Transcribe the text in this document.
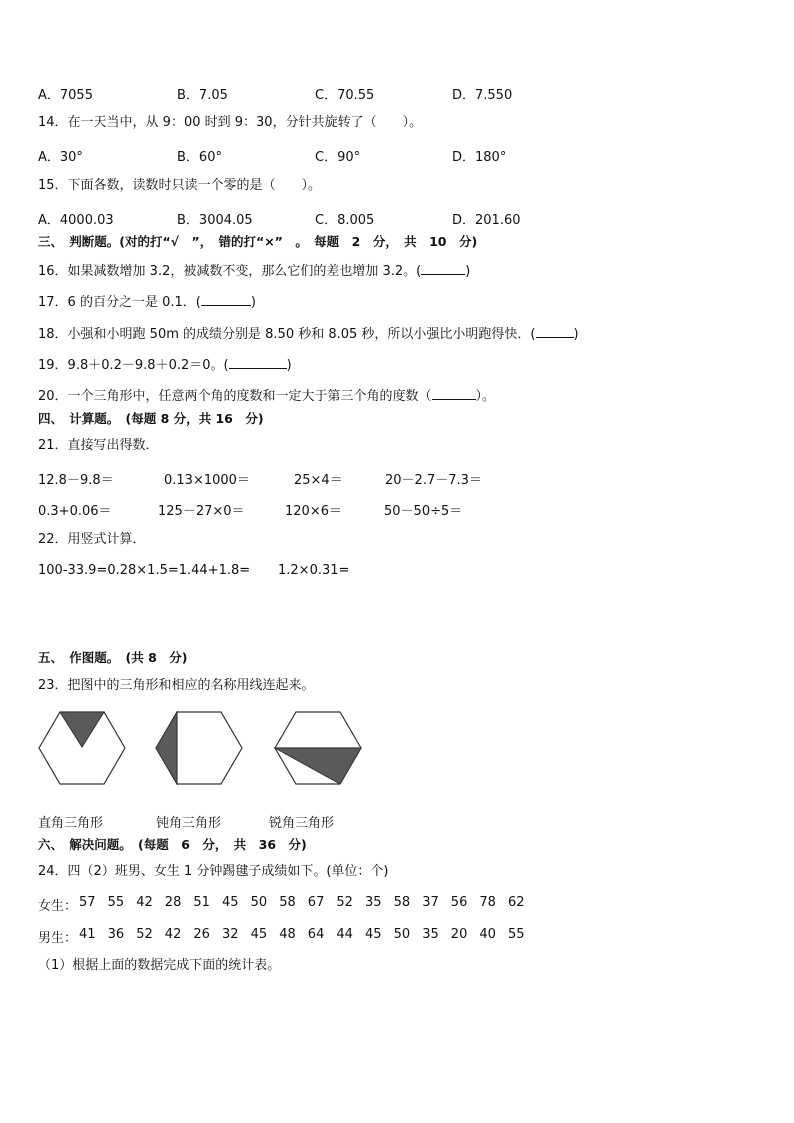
A．7055	B．7.05	C．70.55	D．7.550
14．在一天当中，从 9：00 时到 9：30，分针共旋转了（　　）。
A．30°	B．60°	C．90°	D．180°
15．下面各数，读数时只读一个零的是（　　）。
A．4000.03	B．3004.05	C．8.005	D．201.60
三、　判断题。(对的打“√　”，　错的打“×”　。　每题　2　分，　共　10　分)
16．如果减数增加 3.2，被减数不变，那么它们的差也增加 3.2。(	)
17．6 的百分之一是 0.1．(	)
18．小强和小明跑 50m 的成绩分别是 8.50 秒和 8.05 秒，所以小强比小明跑得快．(	)
19．9.8＋0.2－9.8＋0.2＝0。(	)
20．一个三角形中，任意两个角的度数和一定大于第三个角的度数（	）。
四、　计算题。　(每题 8 分，共 16　分)
21．直接写出得数．
12.8－9.8＝	0.13×1000＝	25×4＝	20－2.7－7.3＝
0.3+0.06＝	125－27×0＝	120×6＝	50－50÷5＝
22．用竖式计算．
100-33.9=0.28×1.5=1.44+1.8= 1.2×0.31=
五、　作图题。　(共 8　分)
23．把图中的三角形和相应的名称用线连起来。
直角三角形	钝角三角形	锐角三角形
六、　解决问题。　(每题　6　分，　共　36　分)
24．四（2）班男、女生 1 分钟踢毽子成绩如下。(单位：个)
女生： 57 55 42 28 51 45 50 58 67 52 35 58 37 56 78 62
男生： 41 36 52 42 26 32 45 48 64 44 45 50 35 20 40 55
（1）根据上面的数据完成下面的统计表。
